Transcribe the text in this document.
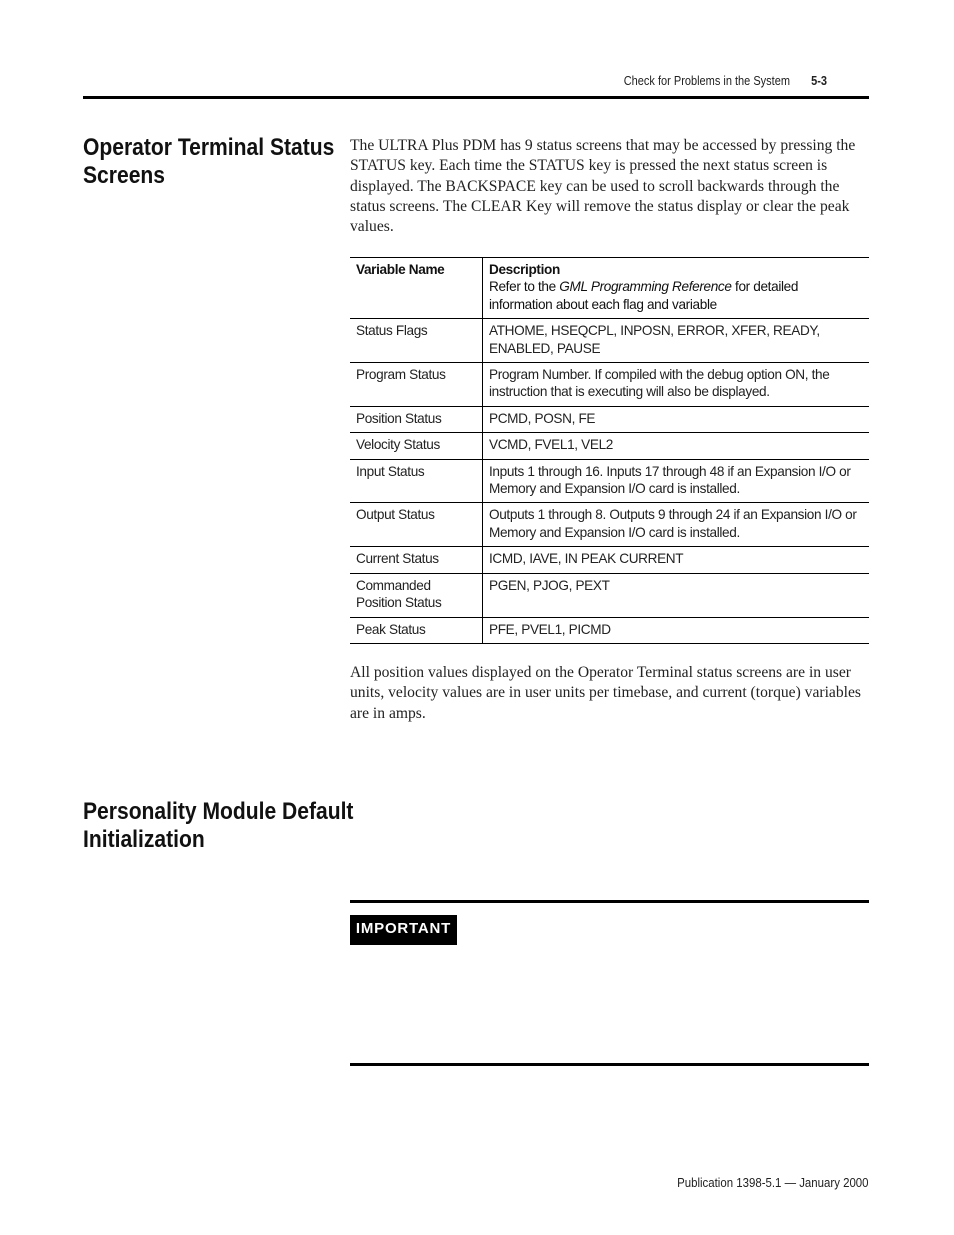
Check for Problems in the System 5-3
Operator Terminal Status Screens

The ULTRA Plus PDM has 9 status screens that may be accessed by pressing the STATUS key. Each time the STATUS key is pressed the next status screen is displayed. The BACKSPACE key can be used to scroll backwards through the status screens. The CLEAR Key will remove the status display or clear the peak values.

Variable Name	Description
Refer to the GML Programming Reference for detailed information about each flag and variable

Status Flags	ATHOME, HSEQCPL, INPOSN, ERROR, XFER, READY, ENABLED, PAUSE
Program Status	Program Number. If compiled with the debug option ON, the instruction that is executing will also be displayed.
Position Status	PCMD, POSN, FE
Velocity Status	VCMD, FVEL1, VEL2
Input Status	Inputs 1 through 16. Inputs 17 through 48 if an Expansion I/O or Memory and Expansion I/O card is installed.
Output Status	Outputs 1 through 8. Outputs 9 through 24 if an Expansion I/O or Memory and Expansion I/O card is installed.
Current Status	ICMD, IAVE, IN PEAK CURRENT
Commanded Position Status	PGEN, PJOG, PEXT
Peak Status	PFE, PVEL1, PICMD

All position values displayed on the Operator Terminal status screens are in user units, velocity values are in user units per timebase, and current (torque) variables are in amps.

Personality Module Default Initialization
IMPORTANT
Publication 1398-5.1 — January 2000
